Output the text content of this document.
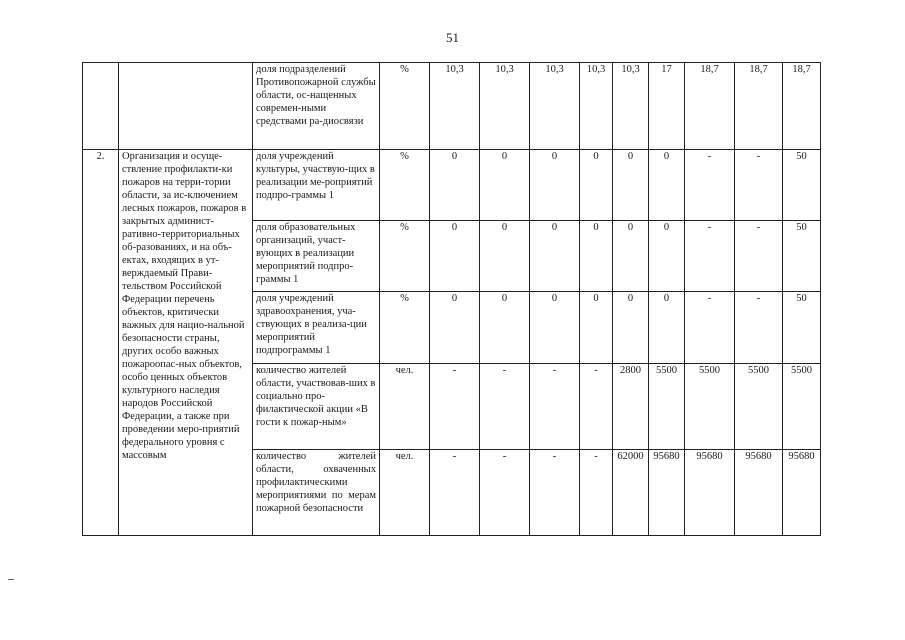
51
		доля подразделений Противопожарной службы области, ос-нащенных современ-ными средствами ра-диосвязи	%	10,3	10,3	10,3	10,3	10,3	17	18,7	18,7	18,7
2.	Организация и осуще-ствление профилакти-ки пожаров на терри-тории области, за ис-ключением лесных пожаров, пожаров в закрытых админист-ративно-территориальных об-разованиях, и на объ-ектах, входящих в ут-верждаемый Прави-тельством Российской Федерации перечень объектов, критически важных для нацио-нальной безопасности страны, других особо важных пожароопас-ных объектов, особо ценных объектов культурного наследия народов Российской Федерации, а также при проведении меро-приятий федерального уровня с массовым	доля учреждений культуры, участвую-щих в реализации ме-роприятий подпро-граммы 1	%	0	0	0	0	0	0	-	-	50
		доля образовательных организаций, участ-вующих в реализации мероприятий подпро-граммы 1	%	0	0	0	0	0	0	-	-	50
		доля учреждений здравоохранения, уча-ствующих в реализа-ции мероприятий подпрограммы 1	%	0	0	0	0	0	0	-	-	50
		количество жителей области, участвовав-ших в социально про-филактической акции «В гости к пожар-ным»	чел.	-	-	-	-	2800	5500	5500	5500	5500
		количество жителей области, охваченных профилактическими мероприятиями по мерам пожарной безопасности	чел.	-	-	-	-	62000	95680	95680	95680	95680
